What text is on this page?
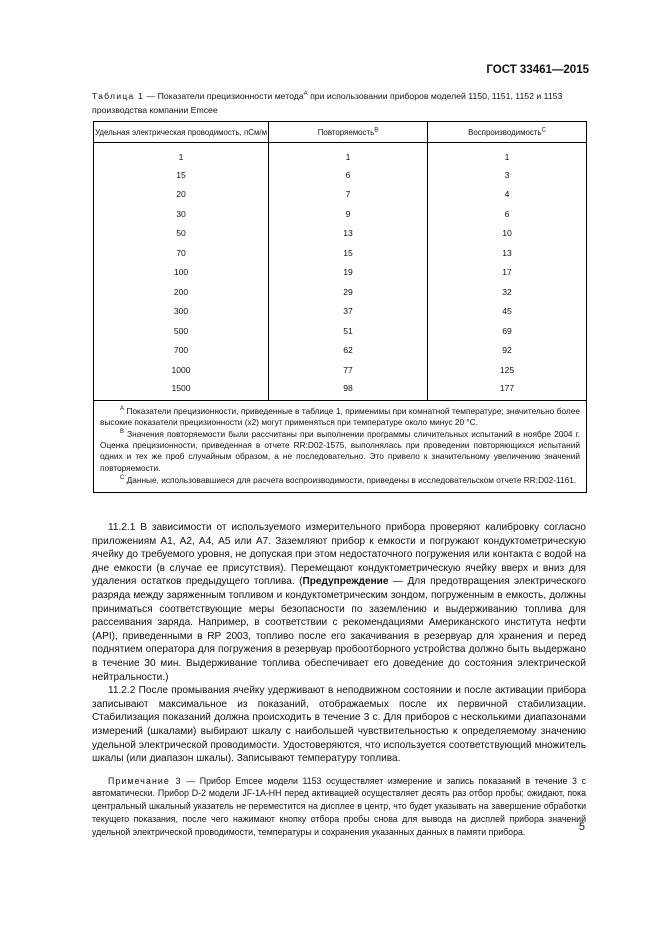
ГОСТ 33461—2015
Таблица 1 — Показатели прецизионности метода$^A$ при использовании приборов моделей 1150, 1151, 1152 и 1153 производства компании Emcee
Удельная электрическая проводимость, пСм/м	Повторяемость$^B$	Воспроизводимость$^C$
1	1	1
15	6	3
20	7	4
30	9	6
50	13	10
70	15	13
100	19	17
200	29	32
300	37	45
500	51	69
700	62	92
1000	77	125
1500	98	177

$^A$ Показатели прецизионности, приведенные в таблице 1, применимы при комнатной температуре; значительно более высокие показатели прецизионности (x2) могут применяться при температуре около минус 20 °C.

$^B$ Значения повторяемости были рассчитаны при выполнении программы сличительных испытаний в ноябре 2004 г. Оценка прецизионности, приведенная в отчете RR:D02-1575, выполнялась при проведении повторяющихся испытаний одних и тех же проб случайным образом, а не последовательно. Это привело к значительному увеличению значений повторяемости.

$^C$ Данные, использовавшиеся для расчета воспроизводимости, приведены в исследовательском отчете RR:D02-1161.		

11.2.1 В зависимости от используемого измерительного прибора проверяют калибровку согласно приложениям А1, А2, А4, А5 или А7. Заземляют прибор к емкости и погружают кондуктометрическую ячейку до требуемого уровня, не допуская при этом недостаточного погружения или контакта с водой на дне емкости (в случае ее присутствия). Перемещают кондуктометрическую ячейку вверх и вниз для удаления остатков предыдущего топлива. (Предупреждение — Для предотвращения электрического разряда между заряженным топливом и кондуктометрическим зондом, погруженным в емкость, должны приниматься соответствующие меры безопасности по заземлению и выдерживанию топлива для рассеивания заряда. Например, в соответствии с рекомендациями Американского института нефти (API), приведенными в RP 2003, топливо после его закачивания в резервуар для хранения и перед поднятием оператора для погружения в резервуар пробоотборного устройства должно быть выдержано в течение 30 мин. Выдерживание топлива обеспечивает его доведение до состояния электрической нейтральности.)

11.2.2 После промывания ячейку удерживают в неподвижном состоянии и после активации прибора записывают максимальное из показаний, отображаемых после их первичной стабилизации. Стабилизация показаний должна происходить в течение 3 с. Для приборов с несколькими диапазонами измерений (шкалами) выбирают шкалу с наибольшей чувствительностью к определяемому значению удельной электрической проводимости. Удостоверяются, что используется соответствующий множитель шкалы (или диапазон шкалы). Записывают температуру топлива.

Примечание 3 — Прибор Emcee модели 1153 осуществляет измерение и запись показаний в течение 3 с автоматически. Прибор D-2 модели JF-1A-HH перед активацией осуществляет десять раз отбор пробы; ожидают, пока центральный шкальный указатель не переместится на дисплее в центр, что будет указывать на завершение обработки текущего показания, после чего нажимают кнопку отбора пробы снова для вывода на дисплей прибора значений удельной электрической проводимости, температуры и сохранения указанных данных в памяти прибора.	5
